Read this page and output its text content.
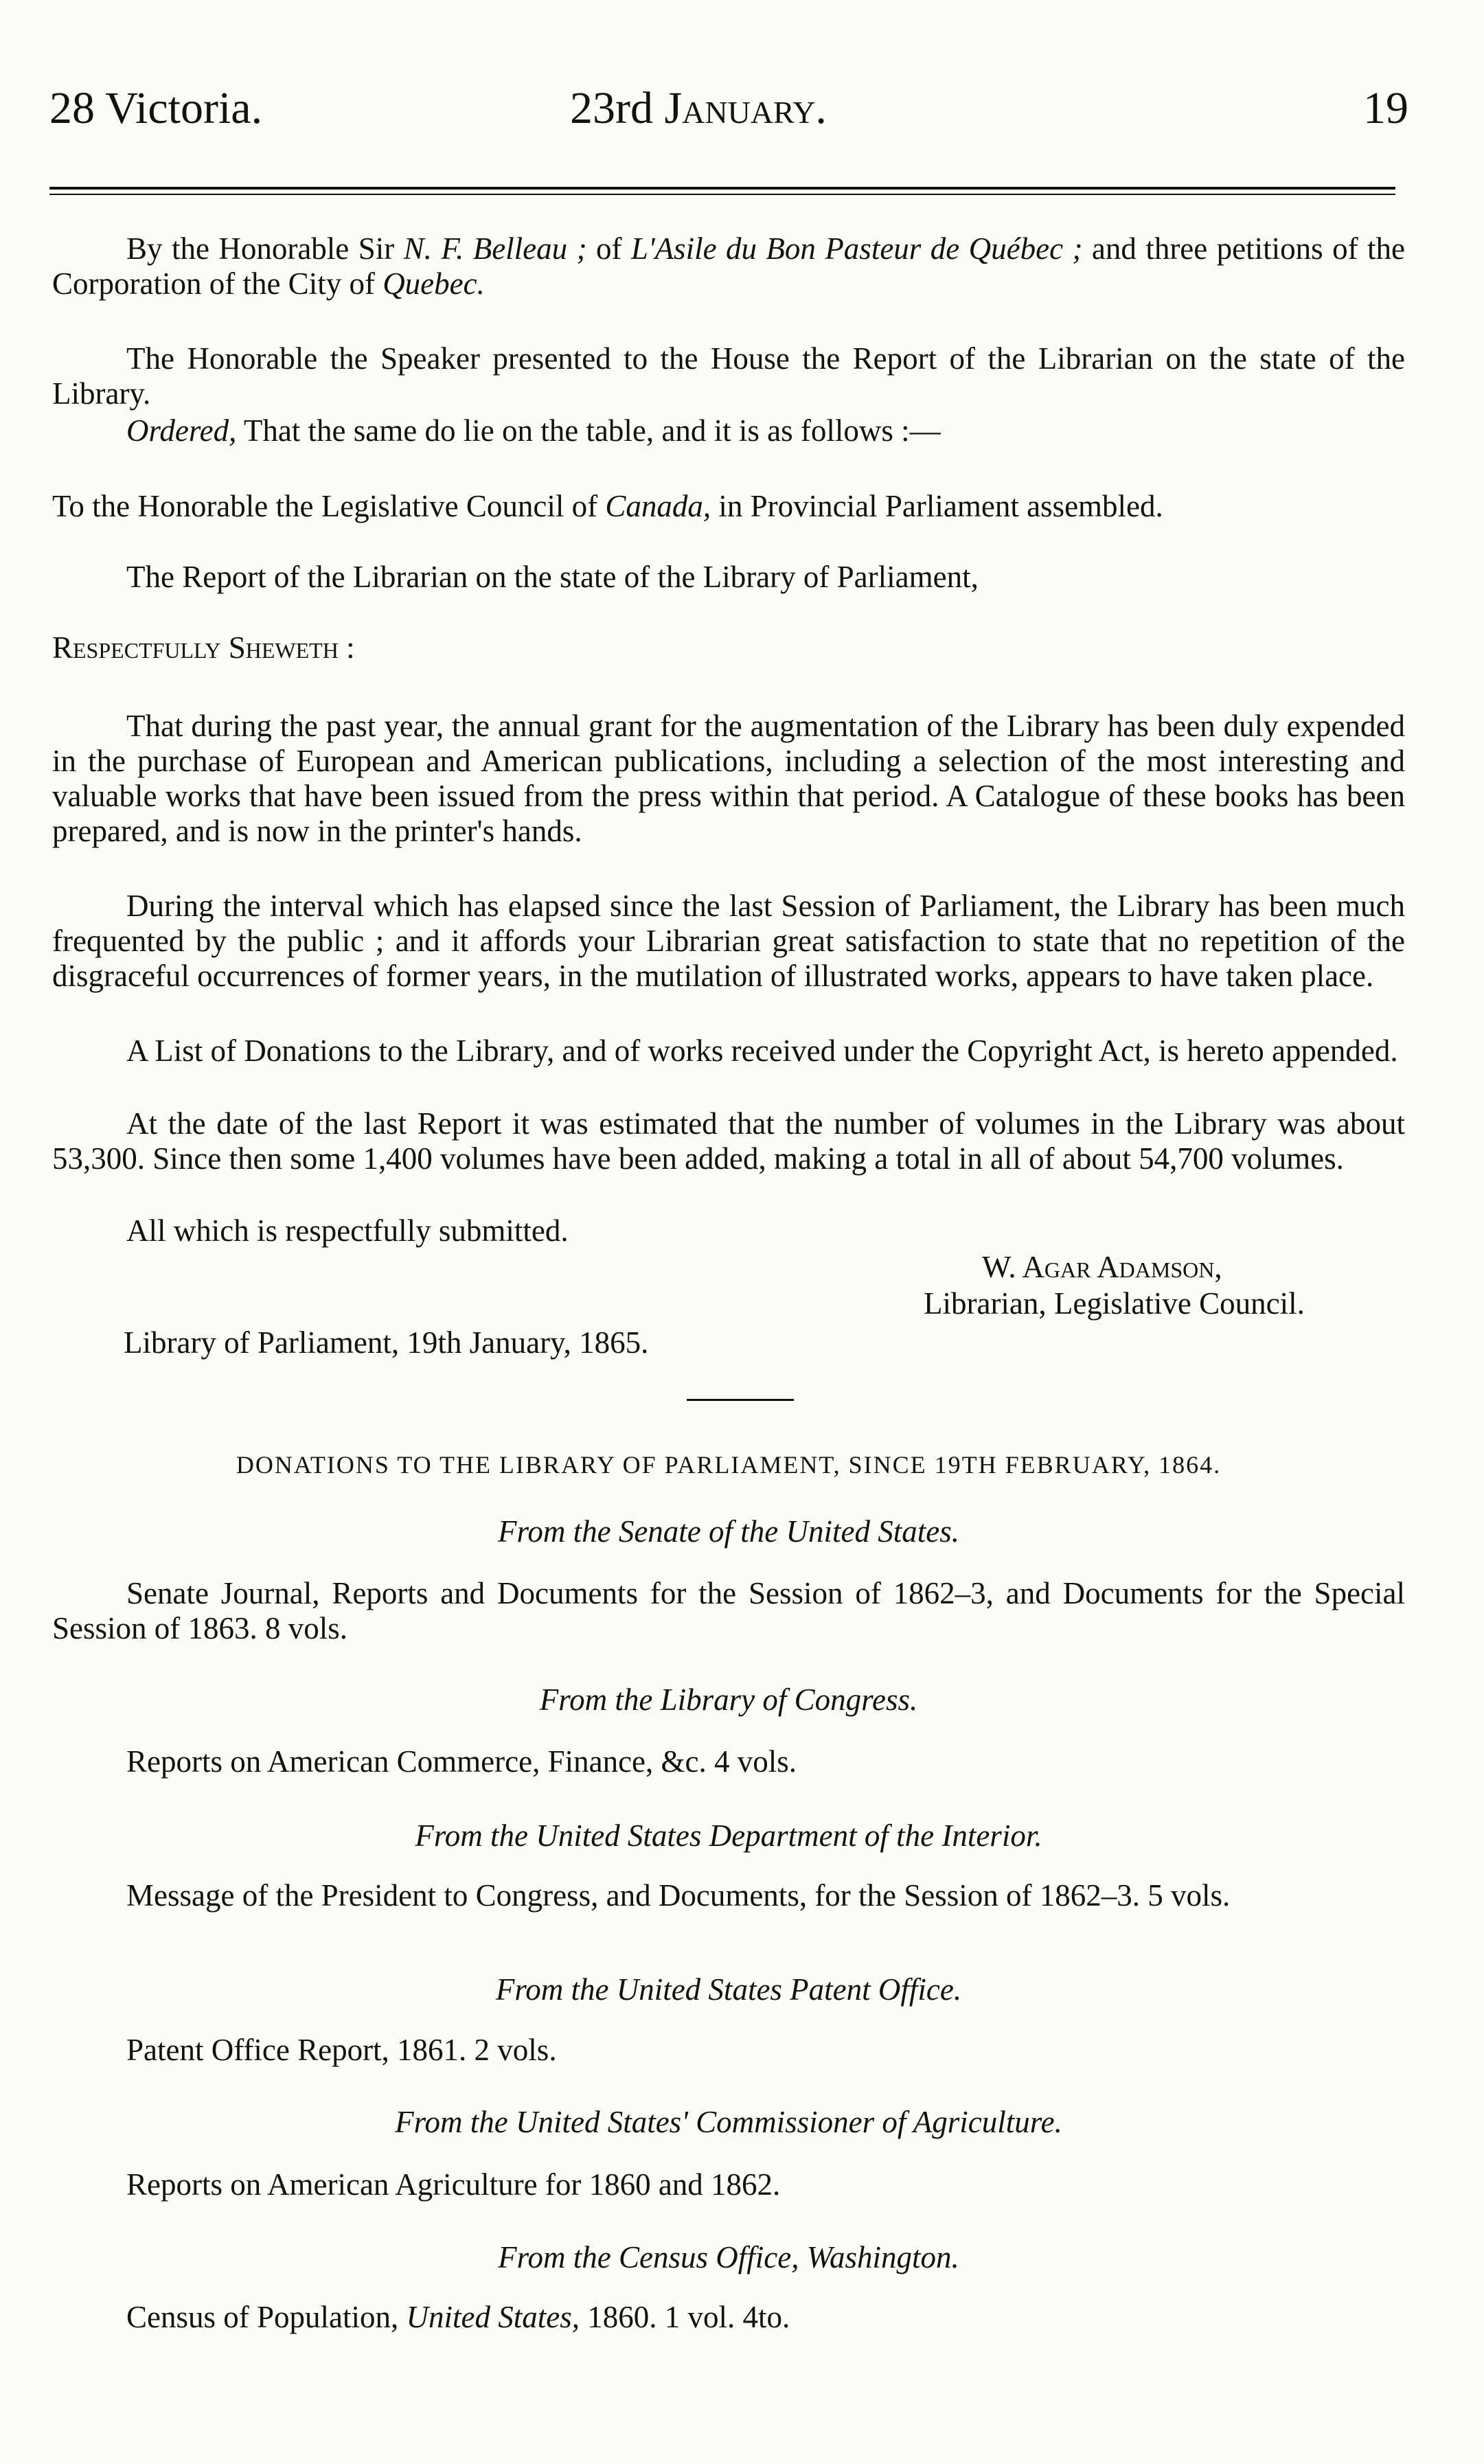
28 Victoria.	23rd January.	19
By the Honorable Sir N. F. Belleau ; of L'Asile du Bon Pasteur de Québec ; and three petitions of the Corporation of the City of Quebec.
The Honorable the Speaker presented to the House the Report of the Librarian on the state of the Library.
Ordered, That the same do lie on the table, and it is as follows :—
To the Honorable the Legislative Council of Canada, in Provincial Parliament assembled.
The Report of the Librarian on the state of the Library of Parliament,
Respectfully Sheweth :
That during the past year, the annual grant for the augmentation of the Library has been duly expended in the purchase of European and American publications, including a selection of the most interesting and valuable works that have been issued from the press within that period. A Catalogue of these books has been prepared, and is now in the printer's hands.
During the interval which has elapsed since the last Session of Parliament, the Library has been much frequented by the public ; and it affords your Librarian great satisfaction to state that no repetition of the disgraceful occurrences of former years, in the mutilation of illustrated works, appears to have taken place.
A List of Donations to the Library, and of works received under the Copyright Act, is hereto appended.
At the date of the last Report it was estimated that the number of volumes in the Library was about 53,300. Since then some 1,400 volumes have been added, making a total in all of about 54,700 volumes.
All which is respectfully submitted.
W. Agar Adamson,
Librarian, Legislative Council.
Library of Parliament, 19th January, 1865.
DONATIONS TO THE LIBRARY OF PARLIAMENT, SINCE 19TH FEBRUARY, 1864.
From the Senate of the United States.
Senate Journal, Reports and Documents for the Session of 1862–3, and Documents for the Special Session of 1863. 8 vols.
From the Library of Congress.
Reports on American Commerce, Finance, &c. 4 vols.
From the United States Department of the Interior.
Message of the President to Congress, and Documents, for the Session of 1862–3. 5 vols.
From the United States Patent Office.
Patent Office Report, 1861. 2 vols.
From the United States' Commissioner of Agriculture.
Reports on American Agriculture for 1860 and 1862.
From the Census Office, Washington.
Census of Population, United States, 1860. 1 vol. 4to.
